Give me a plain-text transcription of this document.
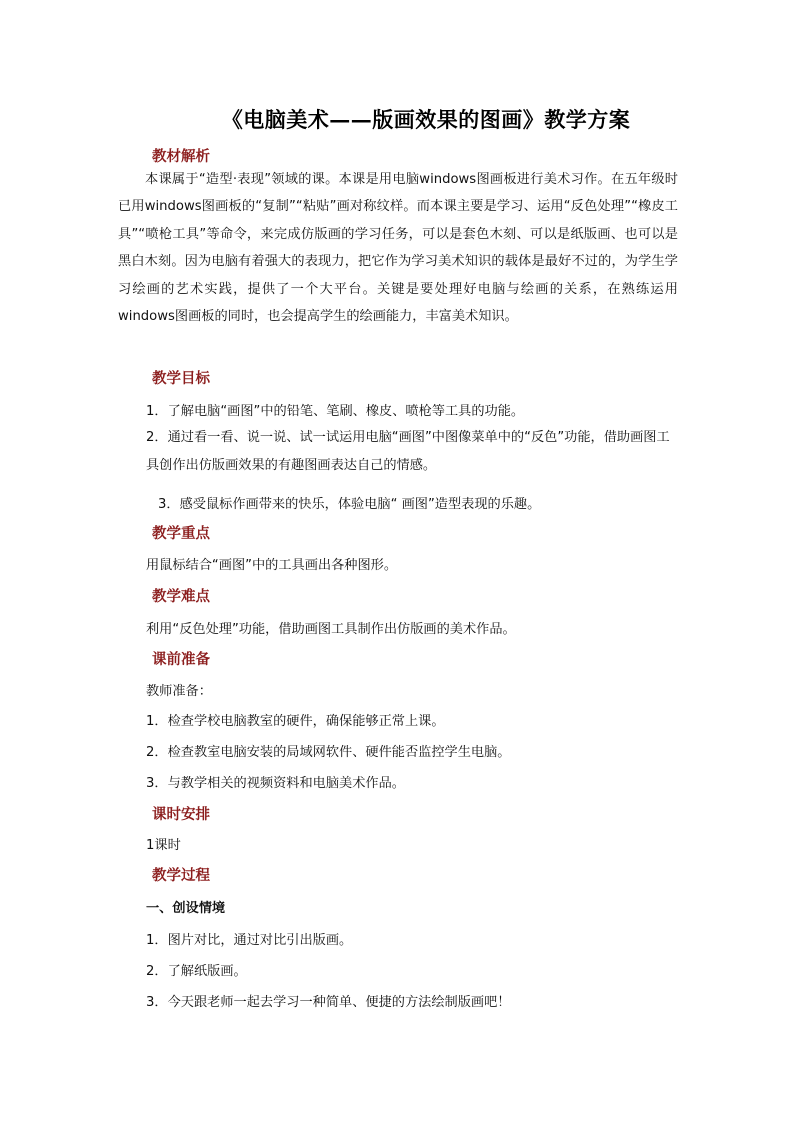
《电脑美术——版画效果的图画》教学方案
教材解析
本课属于“造型·表现”领域的课。本课是用电脑windows图画板进行美术习作。在五年级时已用windows图画板的“复制”“粘贴”画对称纹样。而本课主要是学习、运用“反色处理”“橡皮工具”“喷枪工具”等命令，来完成仿版画的学习任务，可以是套色木刻、可以是纸版画、也可以是黑白木刻。因为电脑有着强大的表现力，把它作为学习美术知识的载体是最好不过的，为学生学习绘画的艺术实践，提供了一个大平台。关键是要处理好电脑与绘画的关系，在熟练运用windows图画板的同时，也会提高学生的绘画能力，丰富美术知识。
教学目标
1．了解电脑“画图”中的铅笔、笔刷、橡皮、喷枪等工具的功能。
2．通过看一看、说一说、试一试运用电脑“画图”中图像菜单中的“反色”功能，借助画图工具创作出仿版画效果的有趣图画表达自己的情感。
3．感受鼠标作画带来的快乐，体验电脑“ 画图”造型表现的乐趣。
教学重点
用鼠标结合“画图”中的工具画出各种图形。
教学难点
利用“反色处理”功能，借助画图工具制作出仿版画的美术作品。
课前准备
教师准备：
1．检查学校电脑教室的硬件，确保能够正常上课。
2．检查教室电脑安装的局域网软件、硬件能否监控学生电脑。
3．与教学相关的视频资料和电脑美术作品。
课时安排
1课时
教学过程
一、创设情境
1．图片对比，通过对比引出版画。
2．了解纸版画。
3．今天跟老师一起去学习一种简单、便捷的方法绘制版画吧！
